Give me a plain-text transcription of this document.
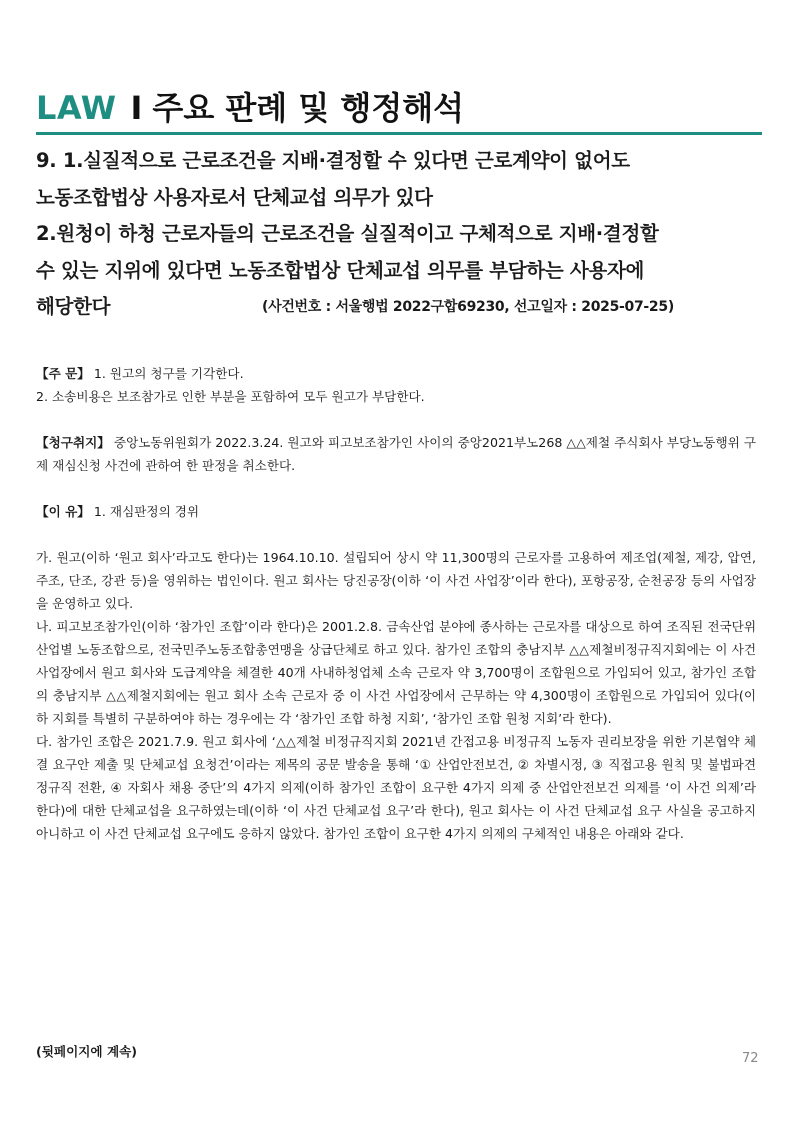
LAW I 주요 판례 및 행정해석
9. 1.실질적으로 근로조건을 지배·결정할 수 있다면 근로계약이 없어도
노동조합법상 사용자로서 단체교섭 의무가 있다
2.원청이 하청 근로자들의 근로조건을 실질적이고 구체적으로 지배·결정할
수 있는 지위에 있다면 노동조합법상 단체교섭 의무를 부담하는 사용자에
해당한다	(사건번호 : 서울행법 2022구합69230, 선고일자 : 2025-07-25)

【주 문】 1. 원고의 청구를 기각한다.

2. 소송비용은 보조참가로 인한 부분을 포함하여 모두 원고가 부담한다.

【청구취지】 중앙노동위원회가 2022.3.24. 원고와 피고보조참가인 사이의 중앙2021부노268 △△제철 주식회사 부당노동행위 구제 재심신청 사건에 관하여 한 판정을 취소한다.

【이 유】 1. 재심판정의 경위

가. 원고(이하 ‘원고 회사’라고도 한다)는 1964.10.10. 설립되어 상시 약 11,300명의 근로자를 고용하여 제조업(제철, 제강, 압연, 주조, 단조, 강관 등)을 영위하는 법인이다. 원고 회사는 당진공장(이하 ‘이 사건 사업장’이라 한다), 포항공장, 순천공장 등의 사업장을 운영하고 있다.

나. 피고보조참가인(이하 ‘참가인 조합’이라 한다)은 2001.2.8. 금속산업 분야에 종사하는 근로자를 대상으로 하여 조직된 전국단위 산업별 노동조합으로, 전국민주노동조합총연맹을 상급단체로 하고 있다. 참가인 조합의 충남지부 △△제철비정규직지회에는 이 사건 사업장에서 원고 회사와 도급계약을 체결한 40개 사내하청업체 소속 근로자 약 3,700명이 조합원으로 가입되어 있고, 참가인 조합의 충남지부 △△제철지회에는 원고 회사 소속 근로자 중 이 사건 사업장에서 근무하는 약 4,300명이 조합원으로 가입되어 있다(이하 지회를 특별히 구분하여야 하는 경우에는 각 ‘참가인 조합 하청 지회’, ‘참가인 조합 원청 지회’라 한다).

다. 참가인 조합은 2021.7.9. 원고 회사에 ‘△△제철 비정규직지회 2021년 간접고용 비정규직 노동자 권리보장을 위한 기본협약 체결 요구안 제출 및 단체교섭 요청건’이라는 제목의 공문 발송을 통해 ‘① 산업안전보건, ② 차별시정, ③ 직접고용 원칙 및 불법파견 정규직 전환, ④ 자회사 채용 중단’의 4가지 의제(이하 참가인 조합이 요구한 4가지 의제 중 산업안전보건 의제를 ‘이 사건 의제’라 한다)에 대한 단체교섭을 요구하였는데(이하 ‘이 사건 단체교섭 요구’라 한다), 원고 회사는 이 사건 단체교섭 요구 사실을 공고하지 아니하고 이 사건 단체교섭 요구에도 응하지 않았다. 참가인 조합이 요구한 4가지 의제의 구체적인 내용은 아래와 같다.

(뒷페이지에 계속)	72
